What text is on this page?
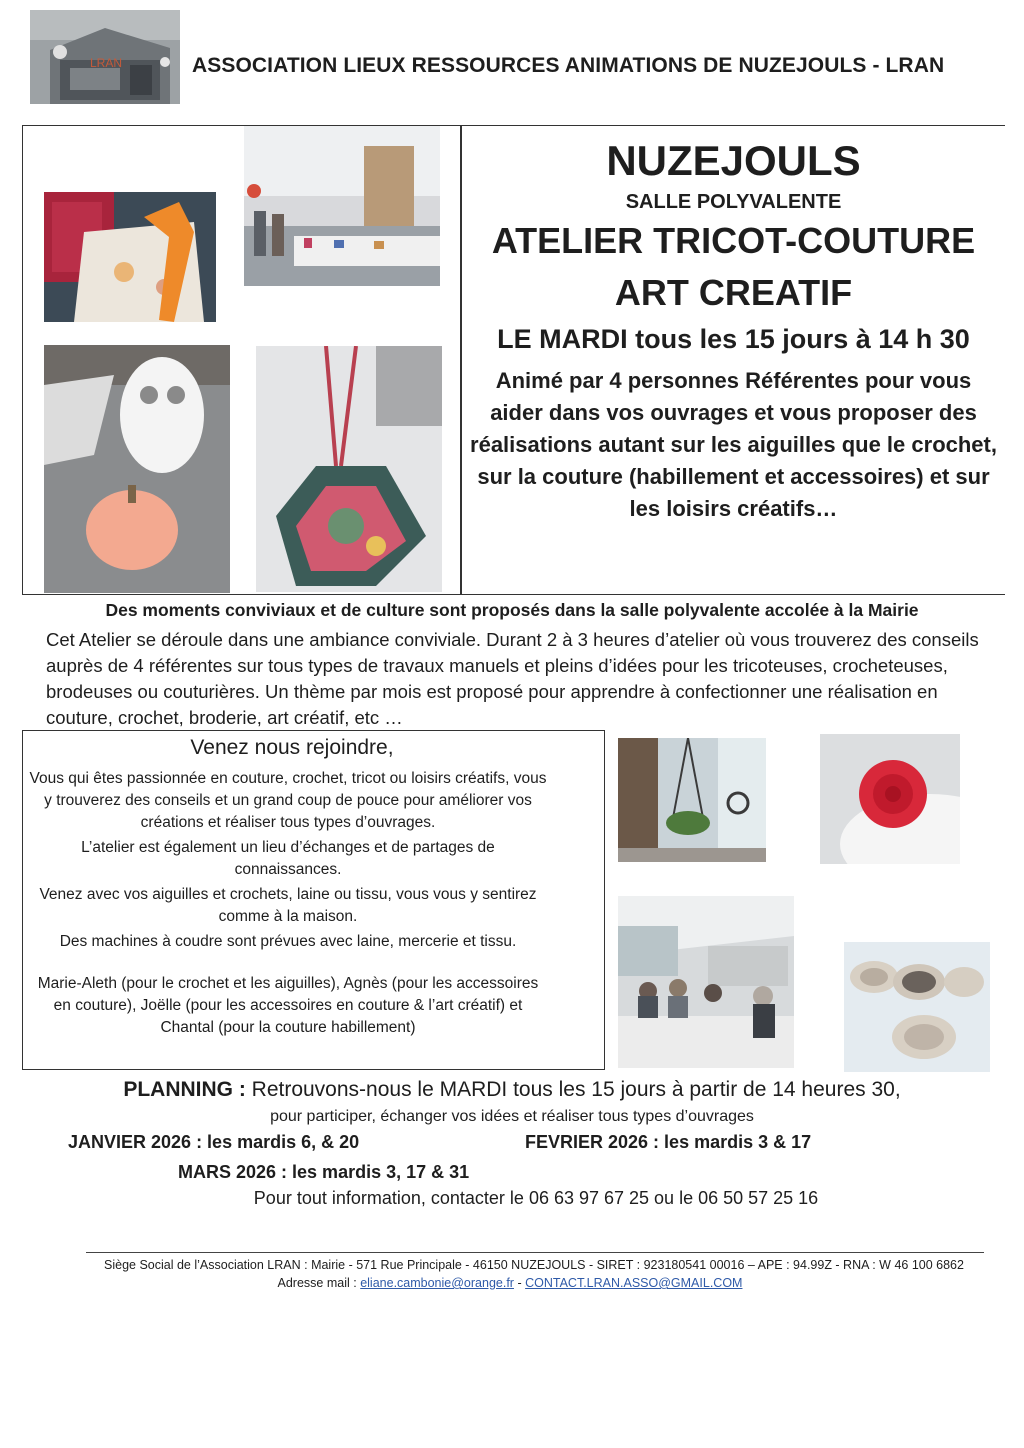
LRAN	ASSOCIATION LIEUX RESSOURCES ANIMATIONS DE NUZEJOULS - LRAN
NUZEJOULS
SALLE POLYVALENTE
ATELIER TRICOT-COUTURE
ART CREATIF
LE MARDI tous les 15 jours à 14 h 30
Animé par 4 personnes Référentes pour vous aider dans vos ouvrages et vous proposer des réalisations autant sur les aiguilles que le crochet, sur la couture (habillement et accessoires) et sur les loisirs créatifs…
Des moments conviviaux et de culture sont proposés dans la salle polyvalente accolée à la Mairie
Cet Atelier se déroule dans une ambiance conviviale. Durant 2 à 3 heures d’atelier où vous trouverez des conseils auprès de 4 référentes sur tous types de travaux manuels et pleins d’idées pour les tricoteuses, crocheteuses, brodeuses ou couturières. Un thème par mois est proposé pour apprendre à confectionner une réalisation en couture, crochet, broderie, art créatif, etc …
Venez nous rejoindre,

Vous qui êtes passionnée en couture, crochet, tricot ou loisirs créatifs, vous y trouverez des conseils et un grand coup de pouce pour améliorer vos créations et réaliser tous types d’ouvrages.

L’atelier est également un lieu d’échanges et de partages de connaissances.

Venez avec vos aiguilles et crochets, laine ou tissu, vous vous y sentirez comme à la maison.

Des machines à coudre sont prévues avec laine, mercerie et tissu.

Marie-Aleth (pour le crochet et les aiguilles), Agnès (pour les accessoires en couture), Joëlle (pour les accessoires en couture & l’art créatif) et Chantal (pour la couture habillement)

PLANNING : Retrouvons-nous le MARDI tous les 15 jours à partir de 14 heures 30,
pour participer, échanger vos idées et réaliser tous types d’ouvrages
JANVIER 2026 : les mardis 6, & 20	FEVRIER 2026 : les mardis 3 & 17
MARS 2026 : les mardis 3, 17 & 31
Pour tout information, contacter le 06 63 97 67 25 ou le 06 50 57 25 16
Siège Social de l’Association LRAN : Mairie - 571 Rue Principale - 46150 NUZEJOULS - SIRET : 923180541 00016 – APE : 94.99Z - RNA : W 46 100 6862
Adresse mail : eliane.cambonie@orange.fr - CONTACT.LRAN.ASSO@GMAIL.COM
